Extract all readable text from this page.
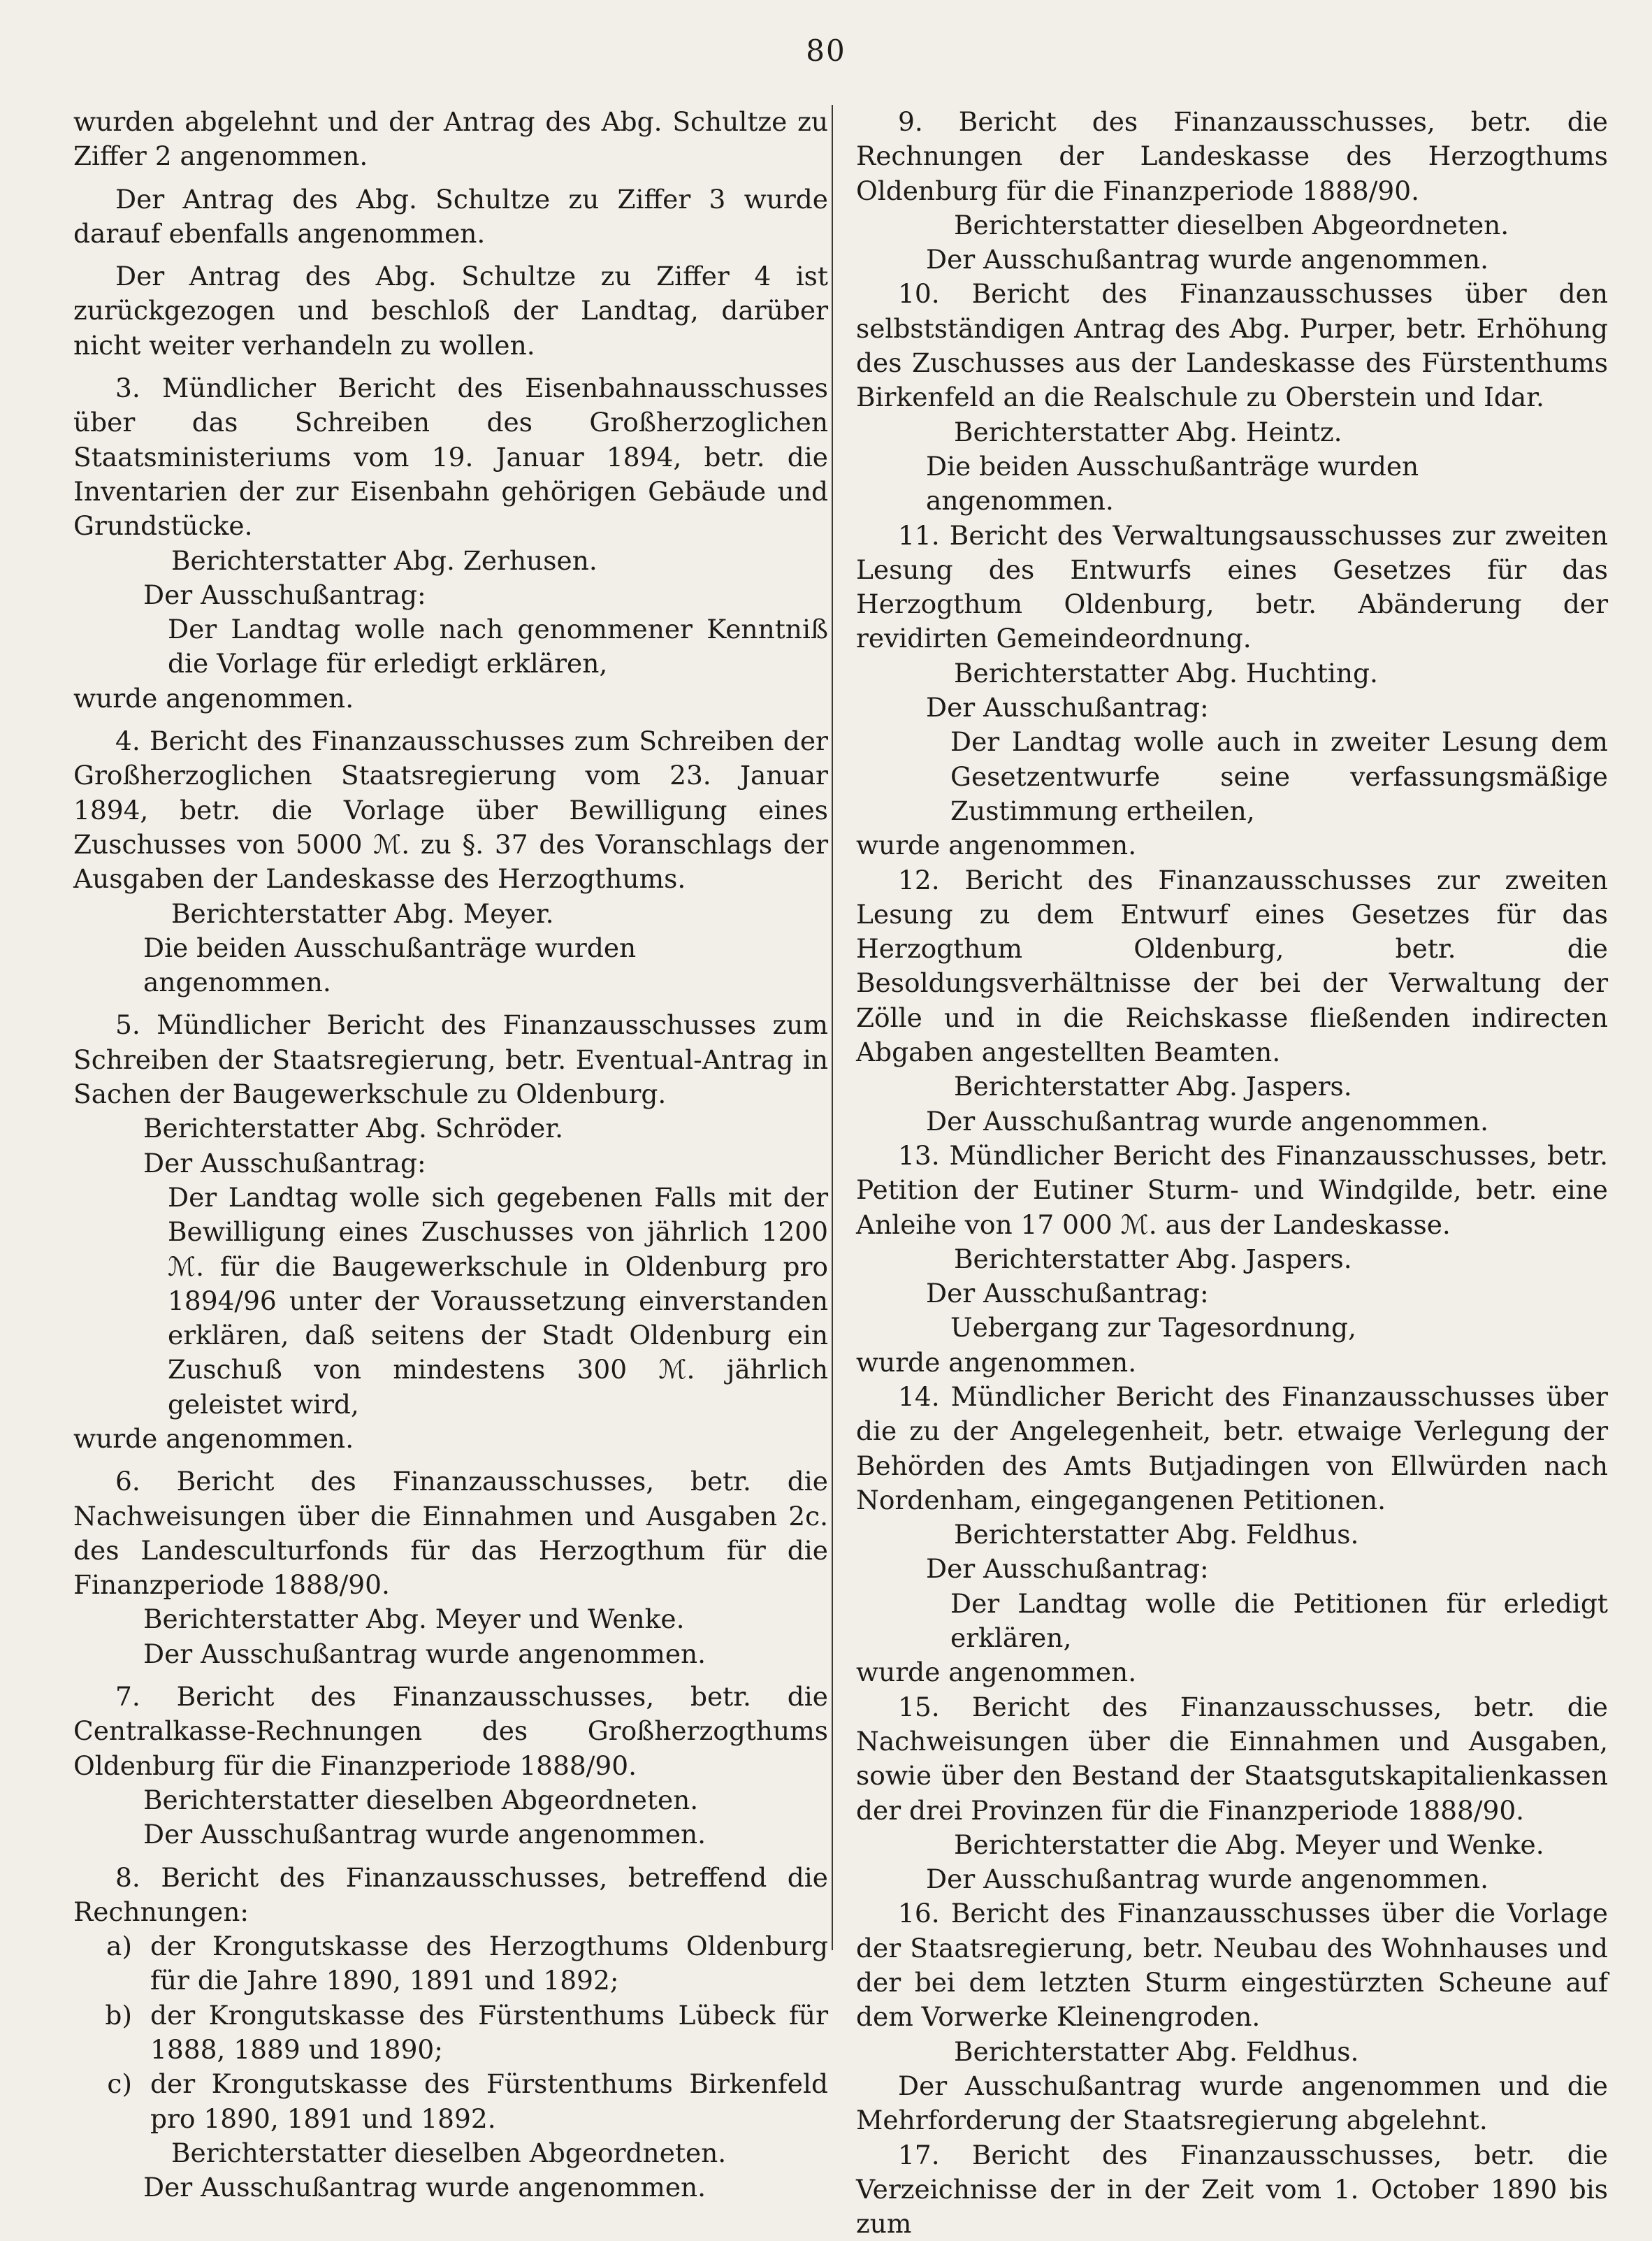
80

wurden abgelehnt und der Antrag des Abg. Schultze zu Ziffer 2 angenommen.

Der Antrag des Abg. Schultze zu Ziffer 3 wurde darauf ebenfalls angenommen.

Der Antrag des Abg. Schultze zu Ziffer 4 ist zurückgezogen und beschloß der Landtag, darüber nicht weiter verhandeln zu wollen.

3. Mündlicher Bericht des Eisenbahnausschusses über das Schreiben des Großherzoglichen Staatsministeriums vom 19. Januar 1894, betr. die Inventarien der zur Eisenbahn gehörigen Gebäude und Grundstücke.

Berichterstatter Abg. Zerhusen.

Der Ausschußantrag:

Der Landtag wolle nach genommener Kenntniß die Vorlage für erledigt erklären,

wurde angenommen.

4. Bericht des Finanzausschusses zum Schreiben der Großherzoglichen Staatsregierung vom 23. Januar 1894, betr. die Vorlage über Bewilligung eines Zuschusses von 5000 ℳ. zu §. 37 des Voranschlags der Ausgaben der Landeskasse des Herzogthums.

Berichterstatter Abg. Meyer.

Die beiden Ausschußanträge wurden angenommen.

5. Mündlicher Bericht des Finanzausschusses zum Schreiben der Staatsregierung, betr. Eventual-Antrag in Sachen der Baugewerkschule zu Oldenburg.

Berichterstatter Abg. Schröder.

Der Ausschußantrag:

Der Landtag wolle sich gegebenen Falls mit der Bewilligung eines Zuschusses von jährlich 1200 ℳ. für die Baugewerkschule in Oldenburg pro 1894/96 unter der Voraussetzung einverstanden erklären, daß seitens der Stadt Oldenburg ein Zuschuß von mindestens 300 ℳ. jährlich geleistet wird,

wurde angenommen.

6. Bericht des Finanzausschusses, betr. die Nachweisungen über die Einnahmen und Ausgaben 2c. des Landesculturfonds für das Herzogthum für die Finanzperiode 1888/90.

Berichterstatter Abg. Meyer und Wenke.

Der Ausschußantrag wurde angenommen.

7. Bericht des Finanzausschusses, betr. die Centralkasse-Rechnungen des Großherzogthums Oldenburg für die Finanzperiode 1888/90.

Berichterstatter dieselben Abgeordneten.

Der Ausschußantrag wurde angenommen.

8. Bericht des Finanzausschusses, betreffend die Rechnungen:

a) der Krongutskasse des Herzogthums Oldenburg für die Jahre 1890, 1891 und 1892;
b) der Krongutskasse des Fürstenthums Lübeck für 1888, 1889 und 1890;
c) der Krongutskasse des Fürstenthums Birkenfeld pro 1890, 1891 und 1892.

Berichterstatter dieselben Abgeordneten.

Der Ausschußantrag wurde angenommen.

9. Bericht des Finanzausschusses, betr. die Rechnungen der Landeskasse des Herzogthums Oldenburg für die Finanzperiode 1888/90.

Berichterstatter dieselben Abgeordneten.

Der Ausschußantrag wurde angenommen.

10. Bericht des Finanzausschusses über den selbstständigen Antrag des Abg. Purper, betr. Erhöhung des Zuschusses aus der Landeskasse des Fürstenthums Birkenfeld an die Realschule zu Oberstein und Idar.

Berichterstatter Abg. Heintz.

Die beiden Ausschußanträge wurden angenommen.

11. Bericht des Verwaltungsausschusses zur zweiten Lesung des Entwurfs eines Gesetzes für das Herzogthum Oldenburg, betr. Abänderung der revidirten Gemeindeordnung.

Berichterstatter Abg. Huchting.

Der Ausschußantrag:

Der Landtag wolle auch in zweiter Lesung dem Gesetzentwurfe seine verfassungsmäßige Zustimmung ertheilen,

wurde angenommen.

12. Bericht des Finanzausschusses zur zweiten Lesung zu dem Entwurf eines Gesetzes für das Herzogthum Oldenburg, betr. die Besoldungsverhältnisse der bei der Verwaltung der Zölle und in die Reichskasse fließenden indirecten Abgaben angestellten Beamten.

Berichterstatter Abg. Jaspers.

Der Ausschußantrag wurde angenommen.

13. Mündlicher Bericht des Finanzausschusses, betr. Petition der Eutiner Sturm- und Windgilde, betr. eine Anleihe von 17 000 ℳ. aus der Landeskasse.

Berichterstatter Abg. Jaspers.

Der Ausschußantrag:

Uebergang zur Tagesordnung,

wurde angenommen.

14. Mündlicher Bericht des Finanzausschusses über die zu der Angelegenheit, betr. etwaige Verlegung der Behörden des Amts Butjadingen von Ellwürden nach Nordenham, eingegangenen Petitionen.

Berichterstatter Abg. Feldhus.

Der Ausschußantrag:

Der Landtag wolle die Petitionen für erledigt erklären,

wurde angenommen.

15. Bericht des Finanzausschusses, betr. die Nachweisungen über die Einnahmen und Ausgaben, sowie über den Bestand der Staatsgutskapitalienkassen der drei Provinzen für die Finanzperiode 1888/90.

Berichterstatter die Abg. Meyer und Wenke.

Der Ausschußantrag wurde angenommen.

16. Bericht des Finanzausschusses über die Vorlage der Staatsregierung, betr. Neubau des Wohnhauses und der bei dem letzten Sturm eingestürzten Scheune auf dem Vorwerke Kleinengroden.

Berichterstatter Abg. Feldhus.

Der Ausschußantrag wurde angenommen und die Mehrforderung der Staatsregierung abgelehnt.

17. Bericht des Finanzausschusses, betr. die Verzeichnisse der in der Zeit vom 1. October 1890 bis zum
